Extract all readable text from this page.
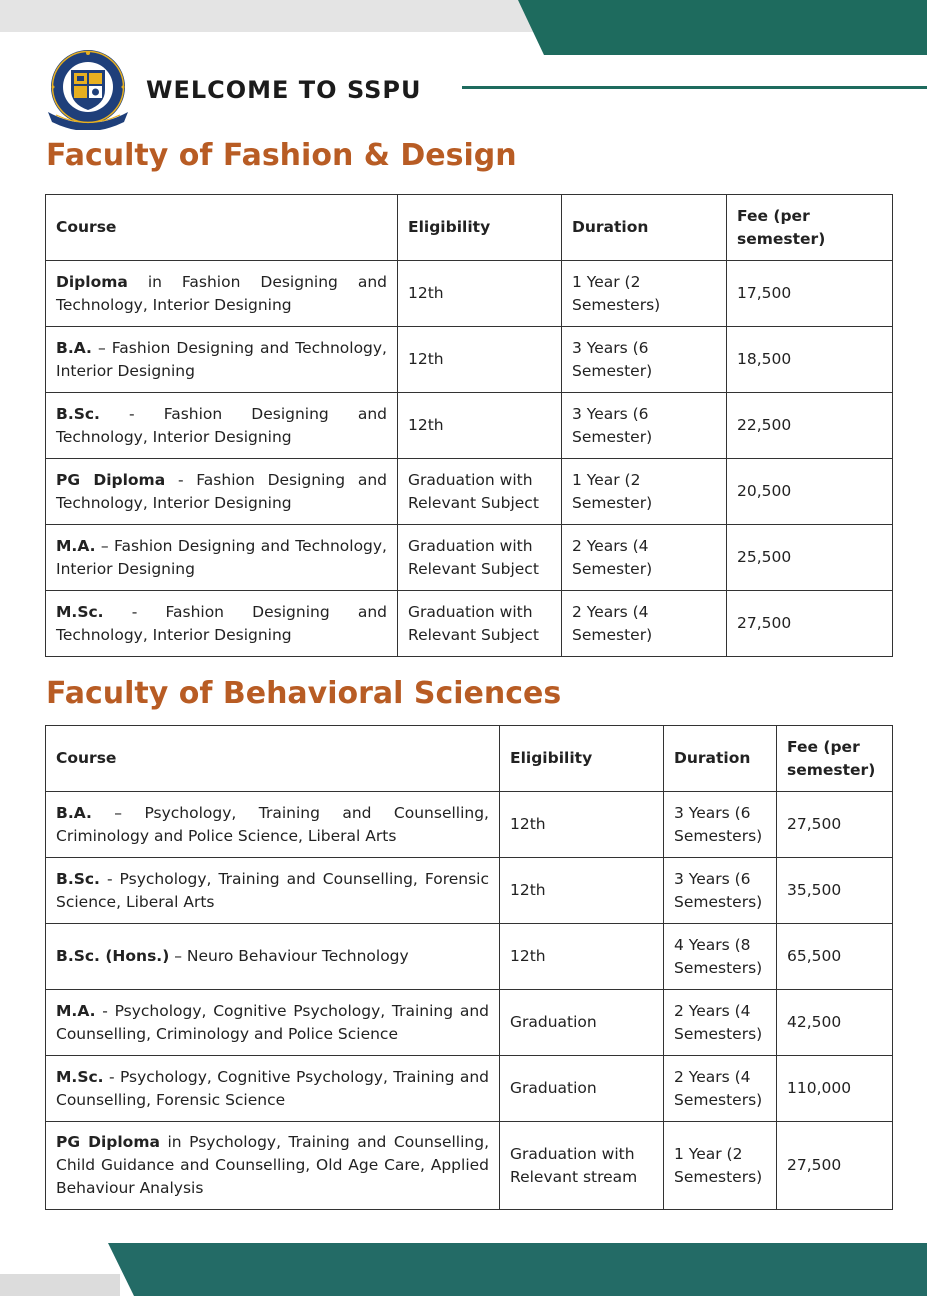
WELCOME TO SSPU
Faculty of Fashion & Design
Course	Eligibility	Duration	Fee (per semester)
Diploma in Fashion Designing and Technology, Interior Designing	12th	1 Year (2 Semesters)	17,500
B.A. – Fashion Designing and Technology, Interior Designing	12th	3 Years (6 Semester)	18,500
B.Sc. - Fashion Designing and Technology, Interior Designing	12th	3 Years (6 Semester)	22,500
PG Diploma - Fashion Designing and Technology, Interior Designing	Graduation with Relevant Subject	1 Year (2 Semester)	20,500
M.A. – Fashion Designing and Technology, Interior Designing	Graduation with Relevant Subject	2 Years (4 Semester)	25,500
M.Sc. - Fashion Designing and Technology, Interior Designing	Graduation with Relevant Subject	2 Years (4 Semester)	27,500
Faculty of Behavioral Sciences
Course	Eligibility	Duration	Fee (per semester)
B.A. – Psychology, Training and Counselling, Criminology and Police Science, Liberal Arts	12th	3 Years (6 Semesters)	27,500
B.Sc. - Psychology, Training and Counselling, Forensic Science, Liberal Arts	12th	3 Years (6 Semesters)	35,500
B.Sc. (Hons.) – Neuro Behaviour Technology	12th	4 Years (8 Semesters)	65,500
M.A. - Psychology, Cognitive Psychology, Training and Counselling, Criminology and Police Science	Graduation	2 Years (4 Semesters)	42,500
M.Sc. - Psychology, Cognitive Psychology, Training and Counselling, Forensic Science	Graduation	2 Years (4 Semesters)	110,000
PG Diploma in Psychology, Training and Counselling, Child Guidance and Counselling, Old Age Care, Applied Behaviour Analysis	Graduation with Relevant stream	1 Year (2 Semesters)	27,500
